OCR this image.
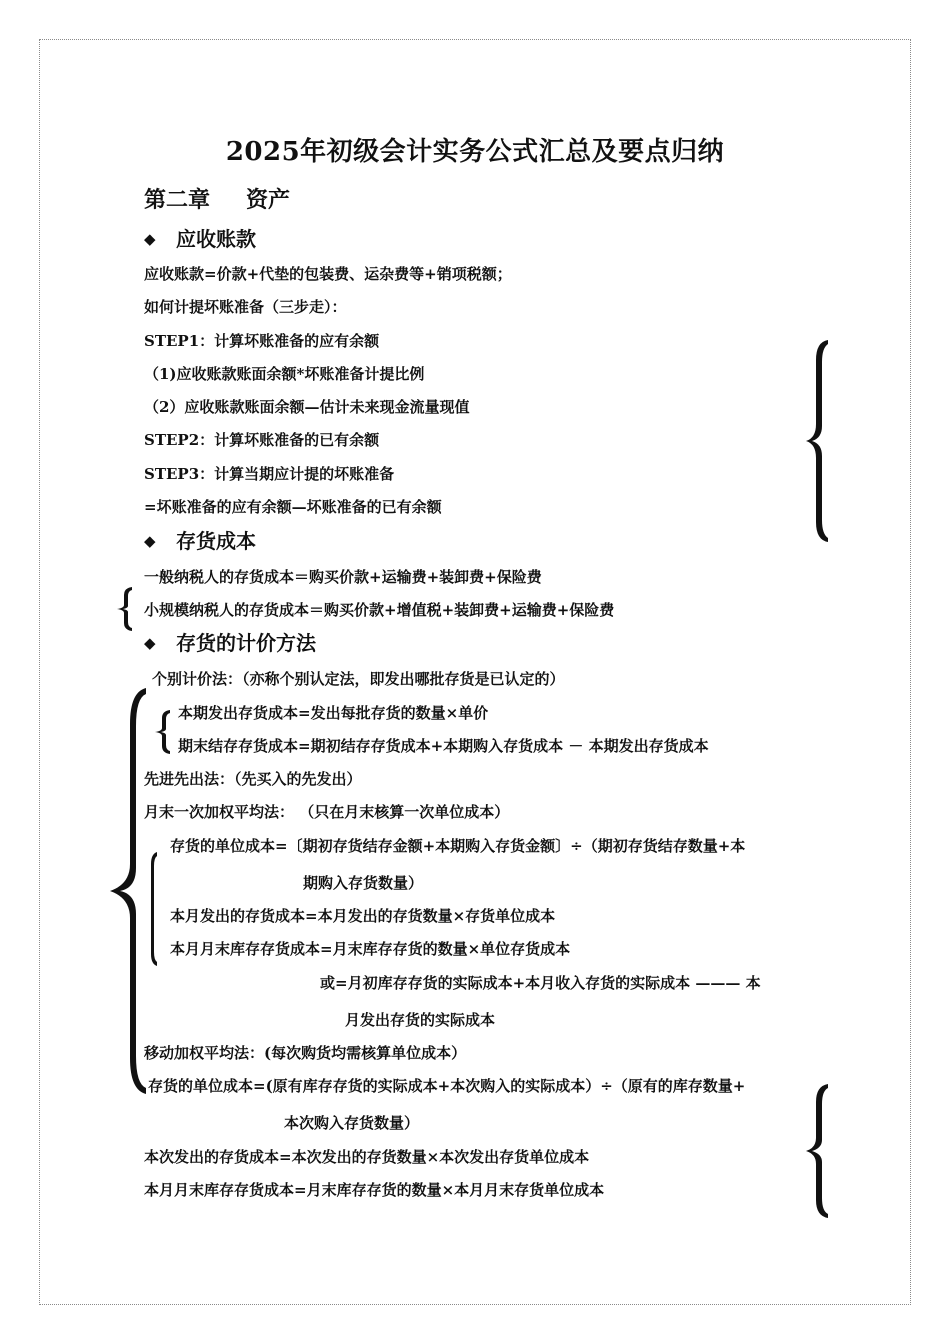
2025年初级会计实务公式汇总及要点归纳
第二章 资产
◆ 应收账款
应收账款=价款+代垫的包装费、运杂费等+销项税额；
如何计提坏账准备（三步走）：
STEP1：计算坏账准备的应有余额
（1)应收账款账面余额*坏账准备计提比例
（2）应收账款账面余额—估计未来现金流量现值
STEP2：计算坏账准备的已有余额
STEP3：计算当期应计提的坏账准备
=坏账准备的应有余额—坏账准备的已有余额
◆ 存货成本
一般纳税人的存货成本＝购买价款+运输费+装卸费+保险费
小规模纳税人的存货成本＝购买价款+增值税+装卸费+运输费+保险费
◆ 存货的计价方法
个别计价法：（亦称个别认定法，即发出哪批存货是已认定的）
本期发出存货成本=发出每批存货的数量×单价
期末结存存货成本=期初结存存货成本+本期购入存货成本 － 本期发出存货成本
先进先出法：（先买入的先发出）
月末一次加权平均法： （只在月末核算一次单位成本）
存货的单位成本=〔期初存货结存金额+本期购入存货金额〕÷（期初存货结存数量+本
期购入存货数量）
本月发出的存货成本=本月发出的存货数量×存货单位成本
本月月末库存存货成本=月末库存存货的数量×单位存货成本
或=月初库存存货的实际成本+本月收入存货的实际成本 ——— 本
月发出存货的实际成本
移动加权平均法：(每次购货均需核算单位成本）
存货的单位成本=(原有库存存货的实际成本+本次购入的实际成本）÷（原有的库存数量+
本次购入存货数量）
本次发出的存货成本=本次发出的存货数量×本次发出存货单位成本
本月月末库存存货成本=月末库存存货的数量×本月月末存货单位成本
